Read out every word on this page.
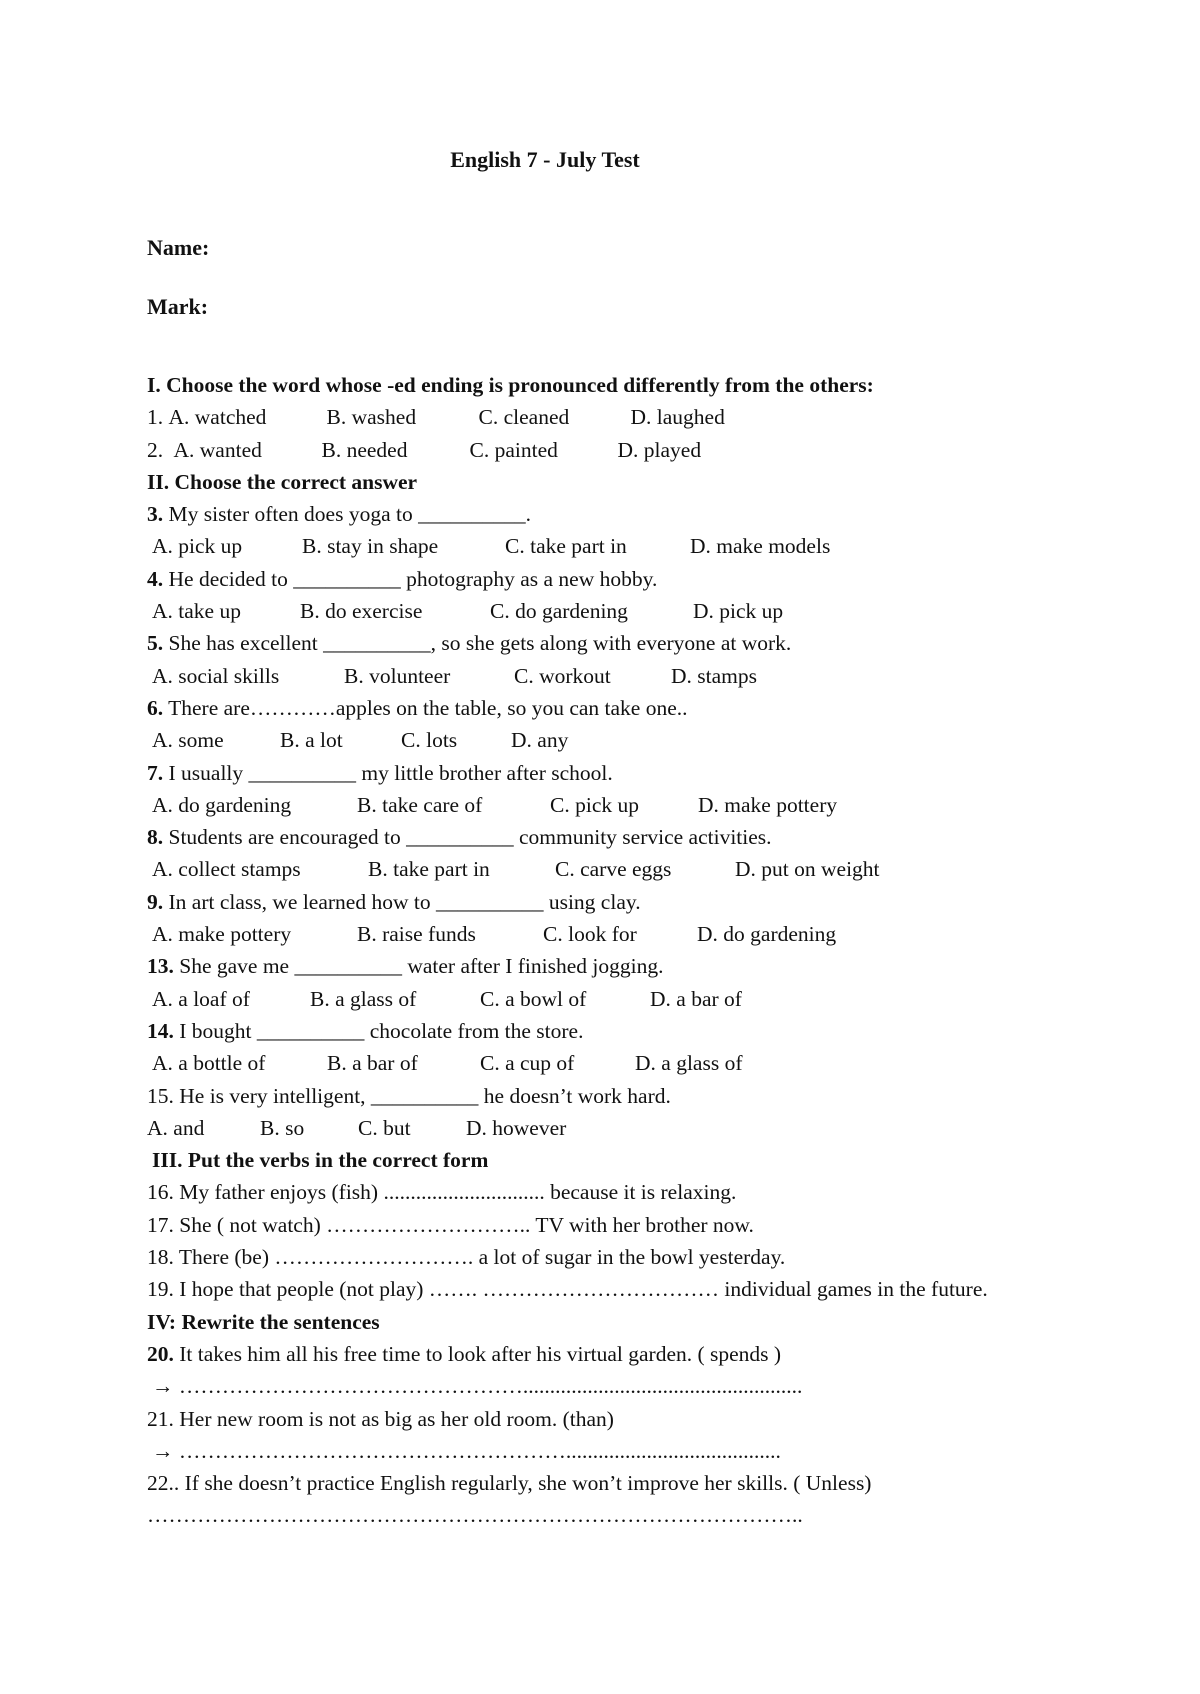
English 7 - July Test
Name:
Mark:
I. Choose the word whose -ed ending is pronounced differently from the others:
1. A. watched	B. washed	C. cleaned	D. laughed
2. A. wanted	B. needed	C. painted	D. played
II. Choose the correct answer
3. My sister often does yoga to __________.
A. pick up	B. stay in shape	C. take part in	D. make models
4. He decided to __________ photography as a new hobby.
A. take up	B. do exercise	C. do gardening	D. pick up
5. She has excellent __________, so she gets along with everyone at work.
A. social skills	B. volunteer	C. workout	D. stamps
6. There are…………apples on the table, so you can take one..
A. some	B. a lot	C. lots	D. any
7. I usually __________ my little brother after school.
A. do gardening	B. take care of	C. pick up	D. make pottery
8. Students are encouraged to __________ community service activities.
A. collect stamps	B. take part in	C. carve eggs	D. put on weight
9. In art class, we learned how to __________ using clay.
A. make pottery	B. raise funds	C. look for	D. do gardening
13. She gave me __________ water after I finished jogging.
A. a loaf of	B. a glass of	C. a bowl of	D. a bar of
14. I bought __________ chocolate from the store.
A. a bottle of	B. a bar of	C. a cup of	D. a glass of
15. He is very intelligent, __________ he doesn’t work hard.
A. and	B. so	C. but	D. however
III. Put the verbs in the correct form
16. My father enjoys (fish) .............................. because it is relaxing.
17. She ( not watch) ……………………….. TV with her brother now.
18. There (be) ………………………. a lot of sugar in the bowl yesterday.
19. I hope that people (not play) ……. …………………………… individual games in the future.
IV: Rewrite the sentences
20. It takes him all his free time to look after his virtual garden. ( spends )
→ …………………………………………....................................................
21. Her new room is not as big as her old room. (than)
→ ………………………………………………........................................
22.. If she doesn’t practice English regularly, she won’t improve her skills. ( Unless)
………………………………………………………………………………..
